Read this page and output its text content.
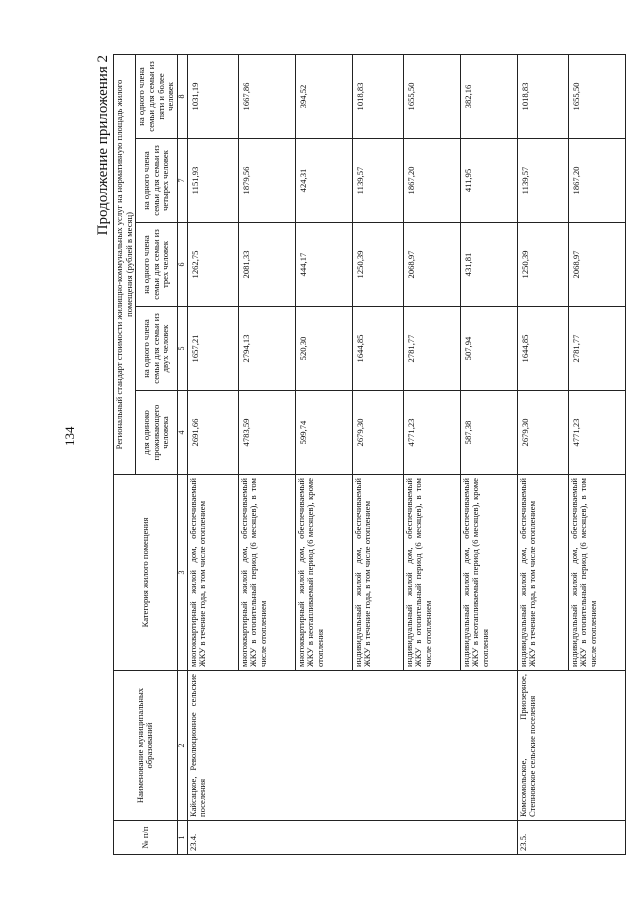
134
Продолжение приложения 2
№ п/п	Наименование муниципальных образований	Категория жилого помещения	Региональный стандарт стоимости жилищно-коммунальных услуг на нормативную площадь жилого помещения (рублей в месяц)				
			для одиноко проживающего человека	на одного члена семьи для семьи из двух человек	на одного члена семьи для семьи из трех человек	на одного члена семьи для семьи из четырех человек	на одного члена семьи для семьи из пяти и более человек
1	2	3	4	5	6	7	8
23.4.	Кайсацкое, Революционное сельские поселения	многоквартирный жилой дом, обеспечиваемый ЖКУ в течение года, в том числе отоплением	2691,66	1657,21	1262,75	1151,93	1031,19
		многоквартирный жилой дом, обеспечиваемый ЖКУ в отопительный период (6 месяцев), в том числе отоплением	4783,59	2794,13	2081,33	1879,56	1667,86
		многоквартирный жилой дом, обеспечиваемый ЖКУ в неотапливаемый период (6 месяцев), кроме отопления	599,74	520,30	444,17	424,31	394,52
		индивидуальный жилой дом, обеспечиваемый ЖКУ в течение года, в том числе отоплением	2679,30	1644,85	1250,39	1139,57	1018,83
		индивидуальный жилой дом, обеспечиваемый ЖКУ в отопительный период (6 месяцев), в том числе отоплением	4771,23	2781,77	2068,97	1867,20	1655,50
		индивидуальный жилой дом, обеспечиваемый ЖКУ в неотапливаемый период (6 месяцев), кроме отопления	587,38	507,94	431,81	411,95	382,16
23.5.	Комсомольское, Приозерное, Степновское сельские поселения	индивидуальный жилой дом, обеспечиваемый ЖКУ в течение года, в том числе отоплением	2679,30	1644,85	1250,39	1139,57	1018,83
		индивидуальный жилой дом, обеспечиваемый ЖКУ в отопительный период (6 месяцев), в том числе отоплением	4771,23	2781,77	2068,97	1867,20	1655,50
